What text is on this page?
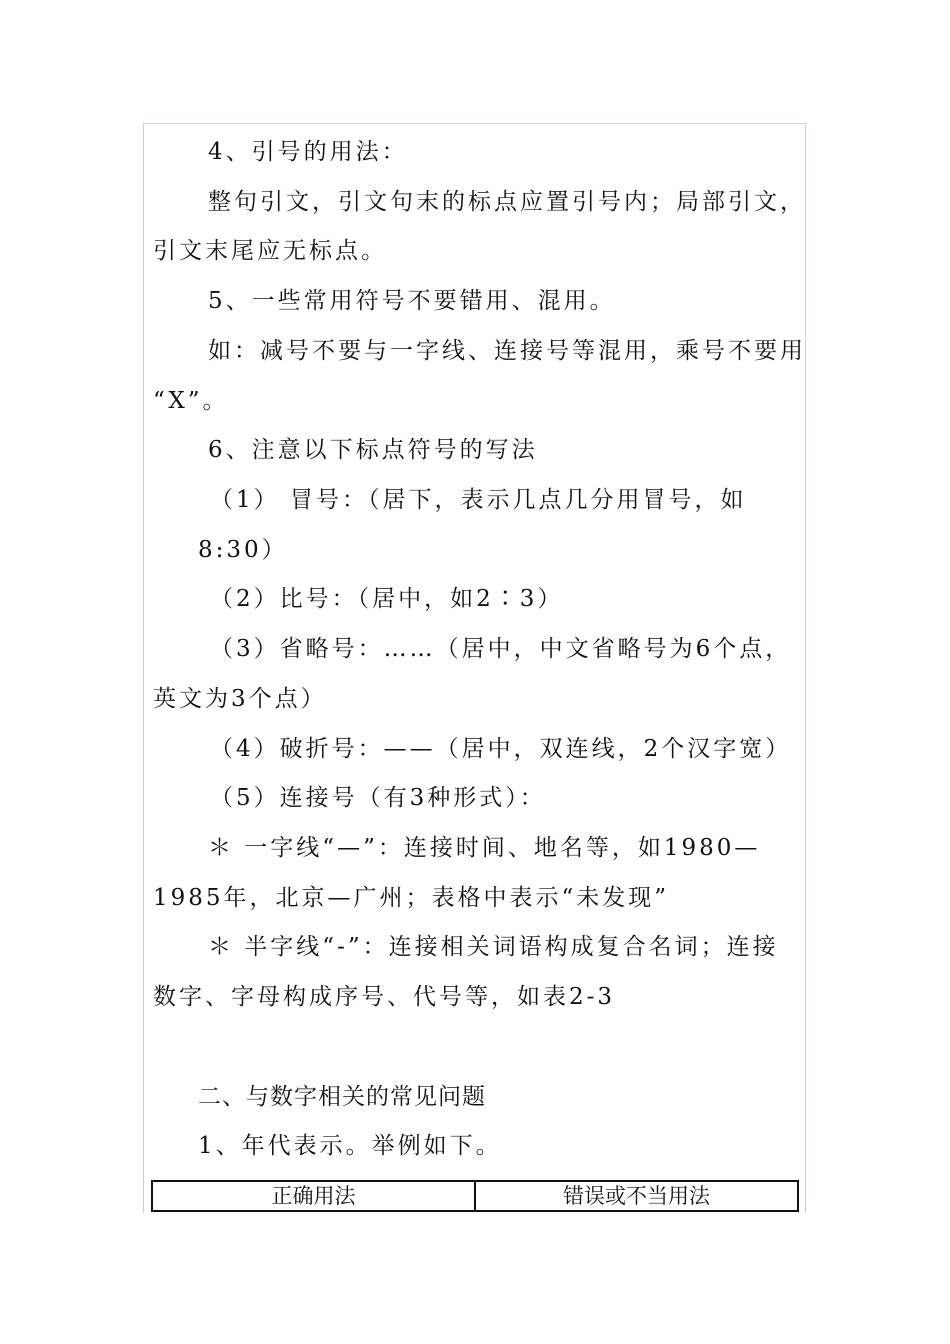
4、引号的用法：
整句引文，引文句末的标点应置引号内；局部引文，
引文末尾应无标点。
5、一些常用符号不要错用、混用。
如：减号不要与一字线、连接号等混用，乘号不要用
“X”。
6、注意以下标点符号的写法
（1） 冒号：（居下，表示几点几分用冒号，如
8:30）
（2）比号：（居中，如2∶3）
（3）省略号：……（居中，中文省略号为6个点，
英文为3个点）
（4）破折号：——（居中，双连线，2个汉字宽）
（5）连接号（有3种形式）：
＊ 一字线“—”：连接时间、地名等，如1980—
1985年，北京—广州；表格中表示“未发现”
＊ 半字线“-”：连接相关词语构成复合名词；连接
数字、字母构成序号、代号等，如表2-3
二、与数字相关的常见问题
1、年代表示。举例如下。
正确用法	错误或不当用法
